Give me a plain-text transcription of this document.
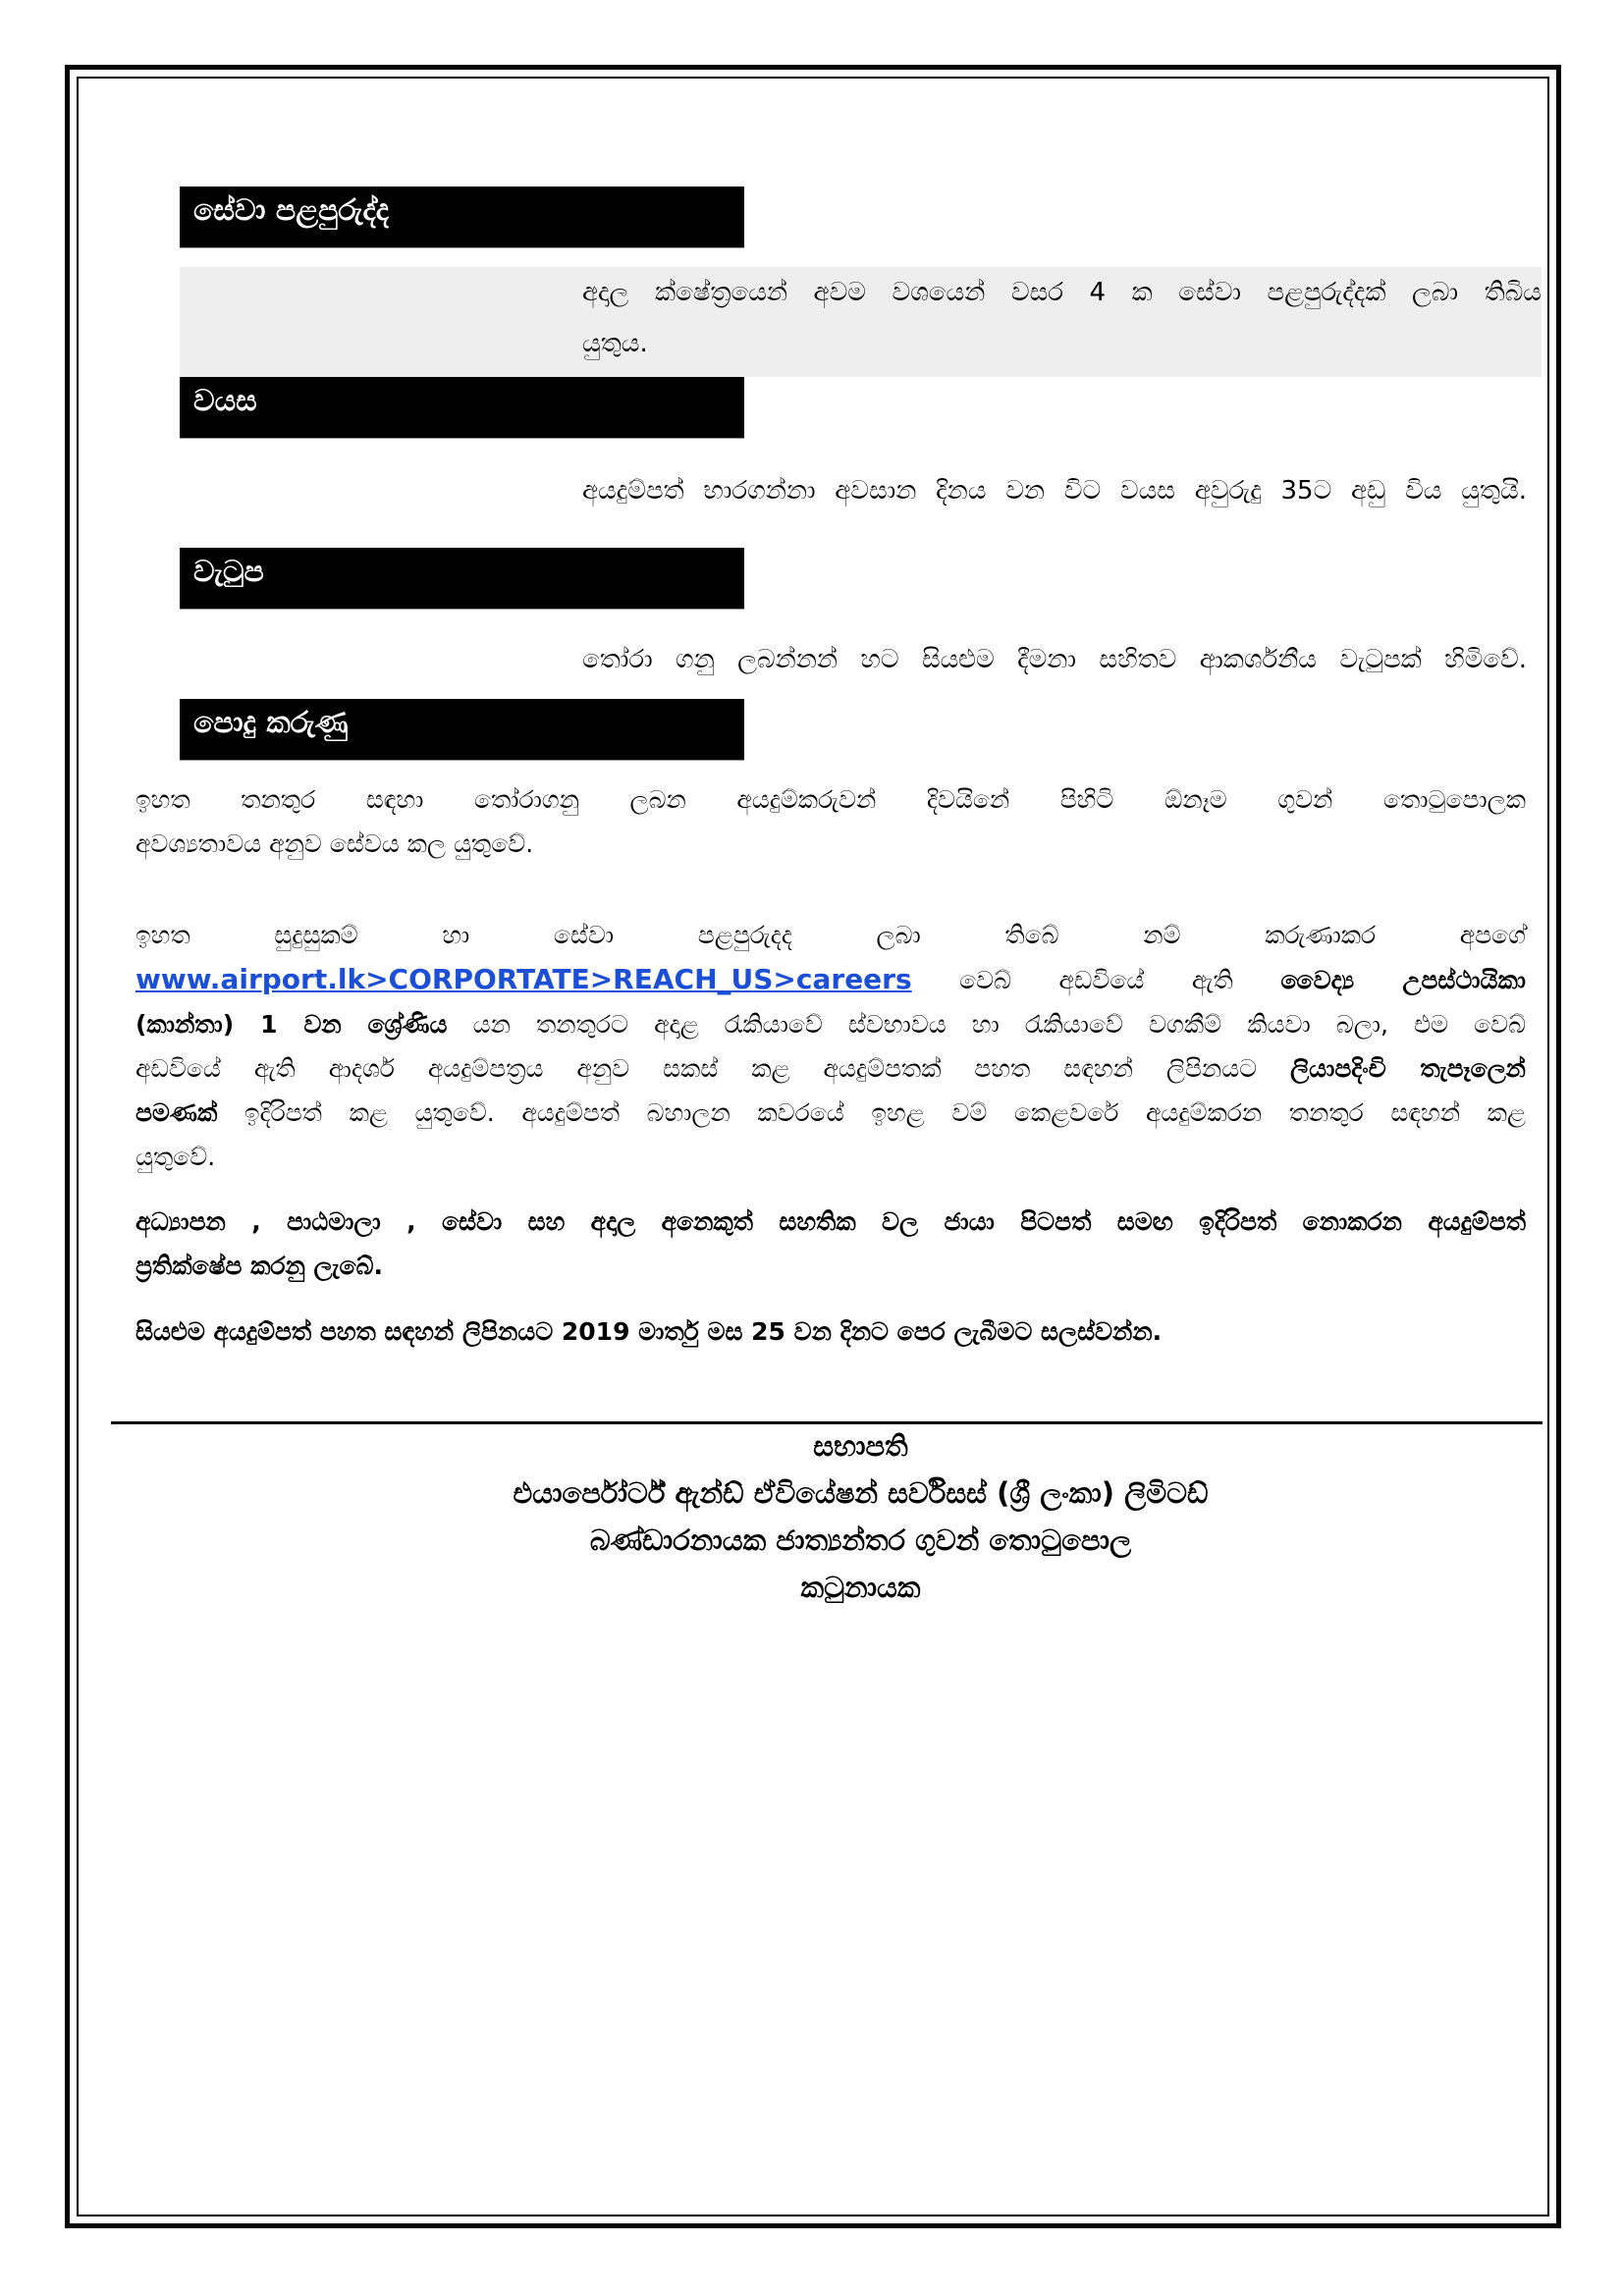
සේවා පළපුරුද්ද
අදාල ක්ෂේත්‍රයෙන් අවම වශයෙන් වසර 4 ක සේවා පළපුරුද්දක් ලබා තිබිය
යුතුය.
වයස
අයදුම්පත් භාරගන්නා අවසාන දිනය වන විට වයස අවුරුදු 35ට අඩු විය යුතුයි.
වැටුප
තෝරා ගනු ලබන්නන් හට සියළුම දීමනා සහිතව ආකර්ශනීය වැටුපක් හිමිවේ.
පොදු කරුණු
ඉහත තනතුර සඳහා තෝරාගනු ලබන අයදුම්කරුවන් දිවයිනේ පිහිටි ඕනෑම ගුවන් තොටුපොලක
අවශ්‍යතාවය අනුව සේවය කල යුතුවේ.
ඉහත සුදුසුකම් හා සේවා පළපුරුදද ලබා තිබේ නම් කරුණාකර අපගේ
www.airport.lk>CORPORTATE>REACH_US>careers වෙබ් අඩවියේ ඇති වෛද්‍ය උපස්ථායිකා
(කාන්තා) 1 වන ශ්‍රේණිය යන තනතුරට අදාළ රැකියාවේ ස්වභාවය හා රැකියාවේ වගකීම් කියවා බලා, එම වෙබ්
අඩවියේ ඇති ආදර්ශ අයදුම්පත්‍රය අනුව සකස් කළ අයදුම්පතක් පහත සඳහන් ලිපිනයට ලියාපදිංචි තැපෑලෙන්
පමණක් ඉදිරිපත් කළ යුතුවේ. අයදුම්පත් බහාලන කවරයේ ඉහළ වම් කෙළවරේ අයදුම්කරන තනතුර සඳහන් කළ
යුතුවේ.
අධ්‍යාපන , පාඨමාලා , සේවා සහ අදාල අනෙකුත් සහතික වල ජායා පිටපත් සමඟ ඉදිරිපත් නොකරන අයදුම්පත්
ප්‍රතික්ෂේප කරනු ලැබේ.
සියළුම අයදුම්පත් පහත සඳහන් ලිපිනයට 2019 මාර්තු මස 25 වන දිනට පෙර ලැබීමට සලස්වන්න.
සභාපති
එයාර්පෝර්ට් ඇන්ඩ් ඒවියේෂන් සර්විසස් (ශ්‍රී ලංකා) ලිමිටඩ්
බණ්ඩාරනායක ජාත්‍යන්තර ගුවන් තොටුපොල
කටුනායක
